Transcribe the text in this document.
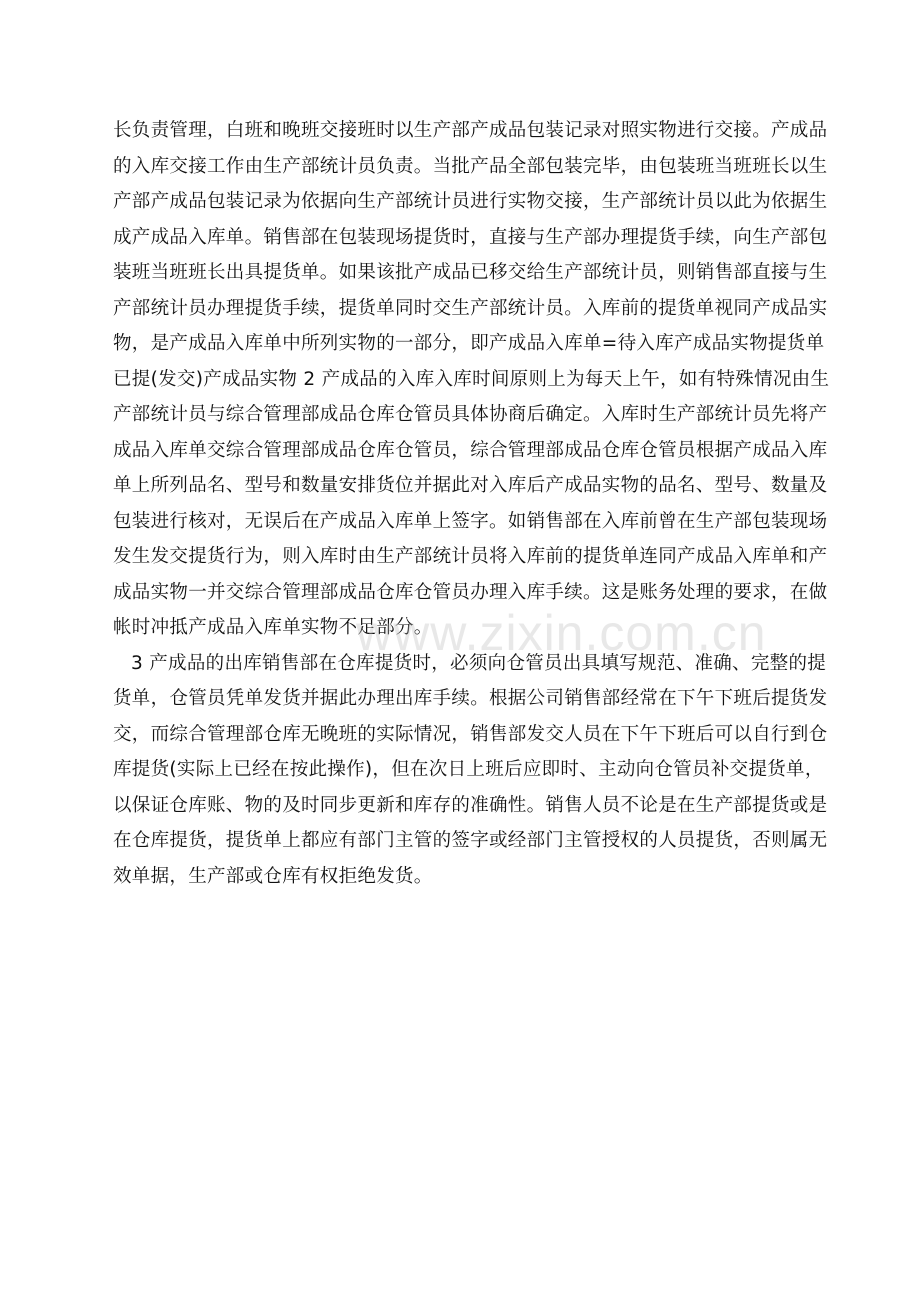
长负责管理，白班和晚班交接班时以生产部产成品包装记录对照实物进行交接。产成品
的入库交接工作由生产部统计员负责。当批产品全部包装完毕，由包装班当班班长以生
产部产成品包装记录为依据向生产部统计员进行实物交接，生产部统计员以此为依据生
成产成品入库单。销售部在包装现场提货时，直接与生产部办理提货手续，向生产部包
装班当班班长出具提货单。如果该批产成品已移交给生产部统计员，则销售部直接与生
产部统计员办理提货手续，提货单同时交生产部统计员。入库前的提货单视同产成品实
物，是产成品入库单中所列实物的一部分，即产成品入库单=待入库产成品实物提货单
已提(发交)产成品实物 2 产成品的入库入库时间原则上为每天上午，如有特殊情况由生
产部统计员与综合管理部成品仓库仓管员具体协商后确定。入库时生产部统计员先将产
成品入库单交综合管理部成品仓库仓管员，综合管理部成品仓库仓管员根据产成品入库
单上所列品名、型号和数量安排货位并据此对入库后产成品实物的品名、型号、数量及
包装进行核对，无误后在产成品入库单上签字。如销售部在入库前曾在生产部包装现场
发生发交提货行为，则入库时由生产部统计员将入库前的提货单连同产成品入库单和产
成品实物一并交综合管理部成品仓库仓管员办理入库手续。这是账务处理的要求，在做
帐时冲抵产成品入库单实物不足部分。
3 产成品的出库销售部在仓库提货时，必须向仓管员出具填写规范、准确、完整的提
货单，仓管员凭单发货并据此办理出库手续。根据公司销售部经常在下午下班后提货发
交，而综合管理部仓库无晚班的实际情况，销售部发交人员在下午下班后可以自行到仓
库提货(实际上已经在按此操作)，但在次日上班后应即时、主动向仓管员补交提货单，
以保证仓库账、物的及时同步更新和库存的准确性。销售人员不论是在生产部提货或是
在仓库提货，提货单上都应有部门主管的签字或经部门主管授权的人员提货，否则属无
效单据，生产部或仓库有权拒绝发货。
www.zixin.com.cn
